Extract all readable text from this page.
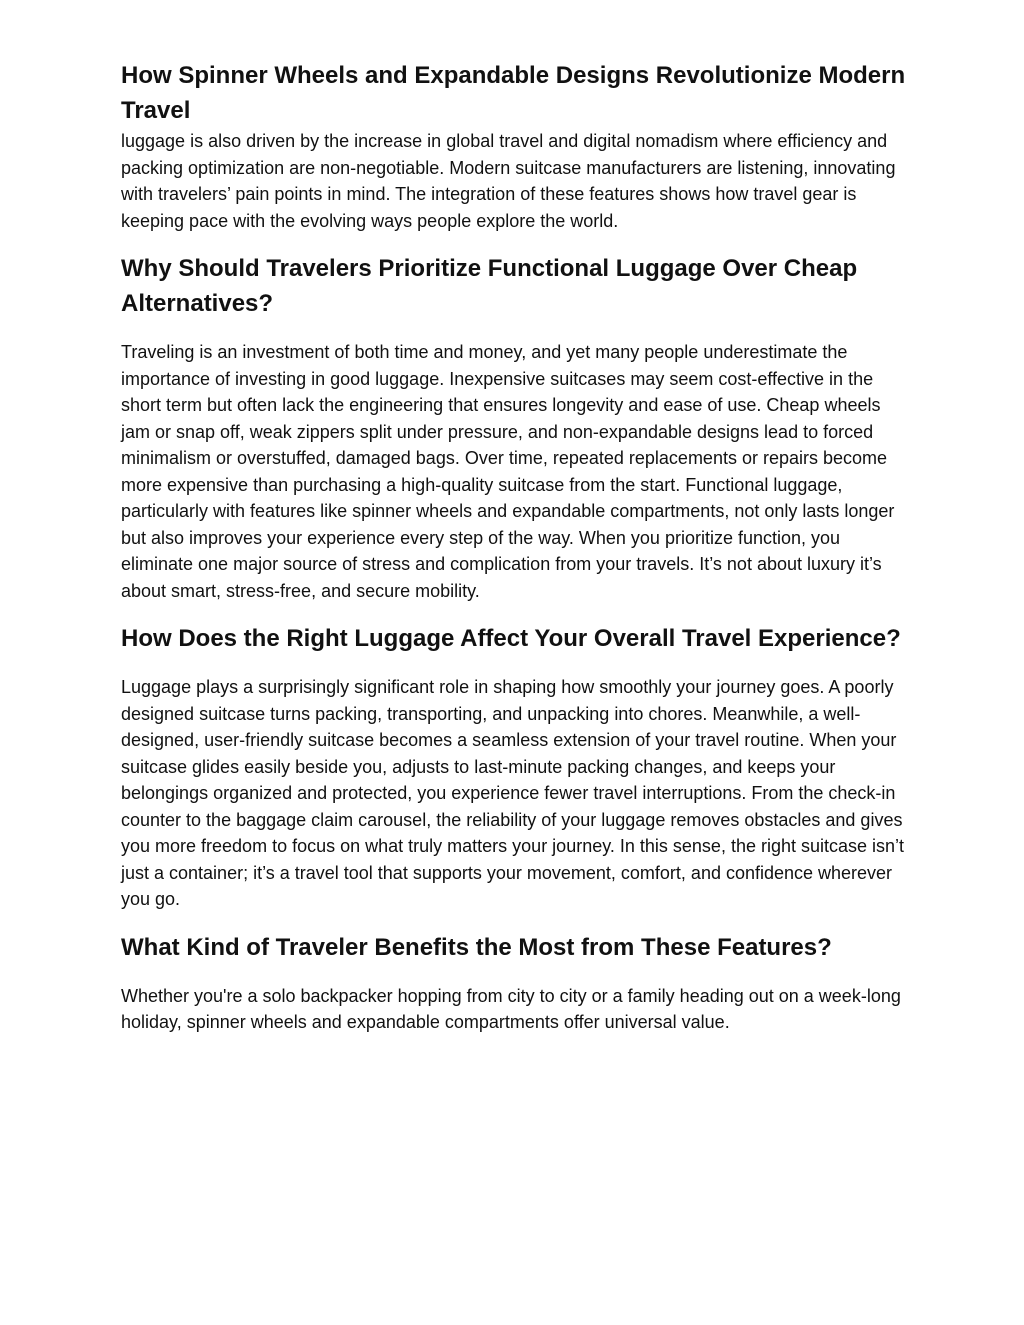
How Spinner Wheels and Expandable Designs Revolutionize Modern Travel

luggage is also driven by the increase in global travel and digital nomadism where efficiency and packing optimization are non-negotiable. Modern suitcase manufacturers are listening, innovating with travelers’ pain points in mind. The integration of these features shows how travel gear is keeping pace with the evolving ways people explore the world.

Why Should Travelers Prioritize Functional Luggage Over Cheap Alternatives?

Traveling is an investment of both time and money, and yet many people underestimate the importance of investing in good luggage. Inexpensive suitcases may seem cost-effective in the short term but often lack the engineering that ensures longevity and ease of use. Cheap wheels jam or snap off, weak zippers split under pressure, and non-expandable designs lead to forced minimalism or overstuffed, damaged bags. Over time, repeated replacements or repairs become more expensive than purchasing a high-quality suitcase from the start. Functional luggage, particularly with features like spinner wheels and expandable compartments, not only lasts longer but also improves your experience every step of the way. When you prioritize function, you eliminate one major source of stress and complication from your travels. It’s not about luxury it’s about smart, stress-free, and secure mobility.

How Does the Right Luggage Affect Your Overall Travel Experience?

Luggage plays a surprisingly significant role in shaping how smoothly your journey goes. A poorly designed suitcase turns packing, transporting, and unpacking into chores. Meanwhile, a well-designed, user-friendly suitcase becomes a seamless extension of your travel routine. When your suitcase glides easily beside you, adjusts to last-minute packing changes, and keeps your belongings organized and protected, you experience fewer travel interruptions. From the check-in counter to the baggage claim carousel, the reliability of your luggage removes obstacles and gives you more freedom to focus on what truly matters your journey. In this sense, the right suitcase isn’t just a container; it’s a travel tool that supports your movement, comfort, and confidence wherever you go.

What Kind of Traveler Benefits the Most from These Features?

Whether you're a solo backpacker hopping from city to city or a family heading out on a week-long holiday, spinner wheels and expandable compartments offer universal value.
